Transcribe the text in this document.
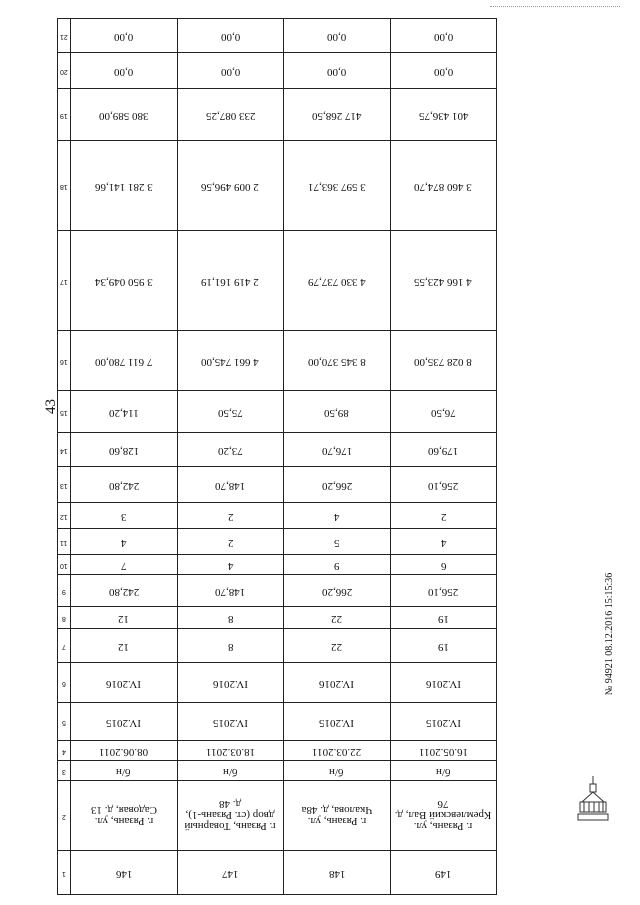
43
21	0,00	0,00	0,00	0,00
20	0,00	0,00	0,00	0,00
19	380 589,00	233 087,25	417 268,50	401 436,75
18	3 281 141,66	2 009 496,56	3 597 363,71	3 460 874,70
17	3 950 049,34	2 419 161,19	4 330 737,79	4 166 423,55
16	7 611 780,00	4 661 745,00	8 345 370,00	8 028 735,00
15	114,20	75,50	89,50	76,50
14	128,60	73,20	176,70	179,60
13	242,80	148,70	266,20	256,10
12	3	2	4	2
11	4	2	5	4
10	7	4	9	6
9	242,80	148,70	266,20	256,10
8	12	8	22	19
7	12	8	22	19
6	IV.2016	IV.2016	IV.2016	IV.2016
5	IV.2015	IV.2015	IV.2015	IV.2015
4	08.06.2011	18.03.2011	22.03.2011	16.05.2011
3	б/н	б/н	б/н	б/н
2	г. Рязань, ул. Садовая, д. 13	г. Рязань, Товарный двор (ст. Рязань-1), д. 48	г. Рязань, ул. Чкалова, д. 48а	г. Рязань, ул. Кремлевский Вал, д. 76
1	146	147	148	149
№ 94921 08.12.2016 15:15:36
